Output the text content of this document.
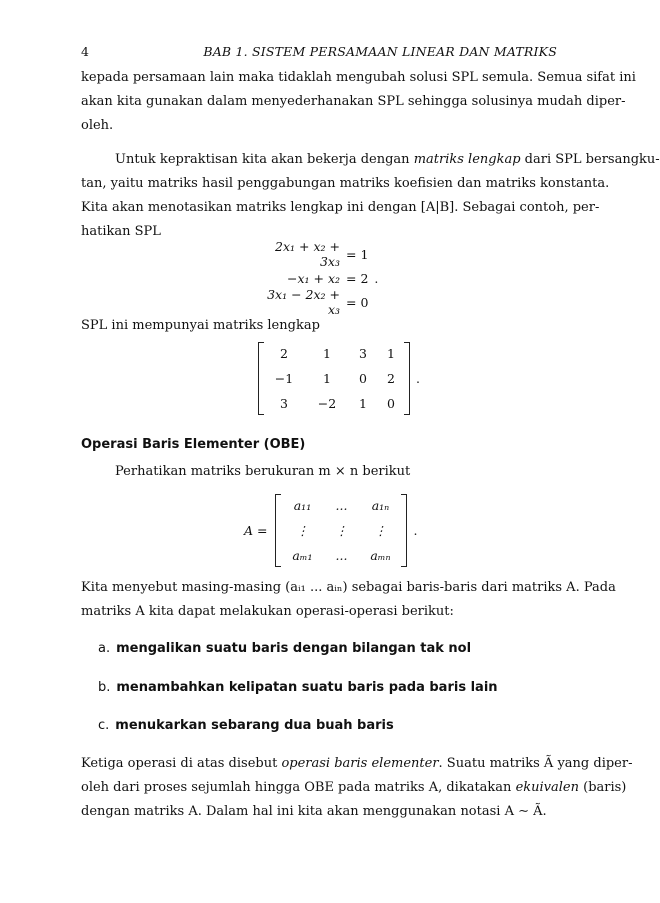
4	BAB 1. SISTEM PERSAMAAN LINEAR DAN MATRIKS
kepada persamaan lain maka tidaklah mengubah solusi SPL semula. Semua sifat ini
akan kita gunakan dalam menyederhanakan SPL sehingga solusinya mudah diper-
oleh.
Untuk kepraktisan kita akan bekerja dengan matriks lengkap dari SPL bersangku-
tan, yaitu matriks hasil penggabungan matriks koefisien dan matriks konstanta.
Kita akan menotasikan matriks lengkap ini dengan [A|B]. Sebagai contoh, per-
hatikan SPL
2x₁ + x₂ + 3x₃ = 1
−x₁ + x₂ = 2 .
3x₁ − 2x₂ + x₃ = 0
SPL ini mempunyai matriks lengkap
2	1	3 1
−1	1	0 2
3	−2	1 0
.
Operasi Baris Elementer (OBE)
Perhatikan matriks berukuran m × n berikut
A =
a₁₁	...	a₁ₙ
⋮	⋮	⋮
aₘ₁	...	aₘₙ
.
Kita menyebut masing-masing (aᵢ₁ ... aᵢₙ) sebagai baris-baris dari matriks A. Pada
matriks A kita dapat melakukan operasi-operasi berikut:
a. mengalikan suatu baris dengan bilangan tak nol
b. menambahkan kelipatan suatu baris pada baris lain
c. menukarkan sebarang dua buah baris
Ketiga operasi di atas disebut operasi baris elementer. Suatu matriks Ã yang diper-
oleh dari proses sejumlah hingga OBE pada matriks A, dikatakan ekuivalen (baris)
dengan matriks A. Dalam hal ini kita akan menggunakan notasi A ∼ Ã.
